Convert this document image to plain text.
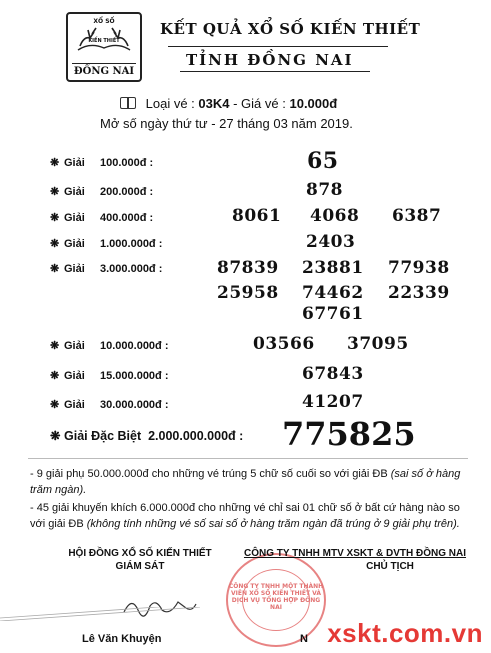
XỔ SỐ
KIẾN THIẾT
ĐỒNG NAI
KẾT QUẢ XỔ SỐ KIẾN THIẾT
TỈNH ĐỒNG NAI
Loại vé : 03K4 - Giá vé : 10.000đ
Mở số ngày thứ tư - 27 tháng 03 năm 2019.
❋ Giải 100.000đ :	65
❋ Giải 200.000đ :	878
❋ Giải 400.000đ :	8061 4068 6387
❋ Giải 1.000.000đ :	2403
❋ Giải 3.000.000đ :	87839 23881 77938
25958 74462 22339
67761
❋ Giải 10.000.000đ :	03566 37095
❋ Giải 15.000.000đ :	67843
❋ Giải 30.000.000đ :	41207
❋ Giải Đặc Biệt 2.000.000.000đ : 775825
- 9 giải phụ 50.000.000đ cho những vé trúng 5 chữ số cuối so với giải ĐB (sai số ở hàng trăm ngàn).
- 45 giải khuyến khích 6.000.000đ cho những vé chỉ sai 01 chữ số ở bất cứ hàng nào so với giải ĐB (không tính những vé số sai số ở hàng trăm ngàn đã trúng ở 9 giải phụ trên).
HỘI ĐỒNG XỔ SỐ KIẾN THIẾT
GIÁM SÁT
CÔNG TY TNHH MỘT THÀNH VIÊN XỔ SỐ KIẾN THIẾT VÀ DỊCH VỤ TỔNG HỢP ĐỒNG NAI
CÔNG TY TNHH MTV XSKT & DVTH ĐỒNG NAI
CHỦ TỊCH
Lê Văn Khuyện	N xskt.com.vn
